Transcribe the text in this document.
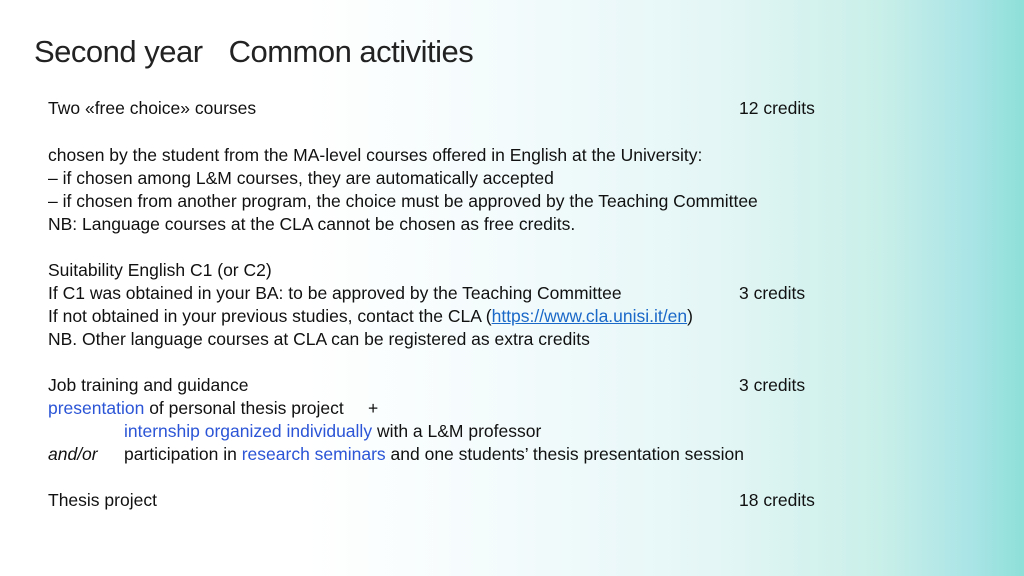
Second year Common activities
Two «free choice» courses	12 credits
chosen by the student from the MA-level courses offered in English at the University:
– if chosen among L&M courses, they are automatically accepted
– if chosen from another program, the choice must be approved by the Teaching Committee
NB: Language courses at the CLA cannot be chosen as free credits.
Suitability English C1 (or C2)
If C1 was obtained in your BA: to be approved by the Teaching Committee	3 credits
If not obtained in your previous studies, contact the CLA (https://www.cla.unisi.it/en)
NB. Other language courses at CLA can be registered as extra credits
Job training and guidance	3 credits
presentation of personal thesis project     +
internship organized individually with a L&M professor
and/or participation in research seminars and one students’ thesis presentation session
Thesis project	18 credits
